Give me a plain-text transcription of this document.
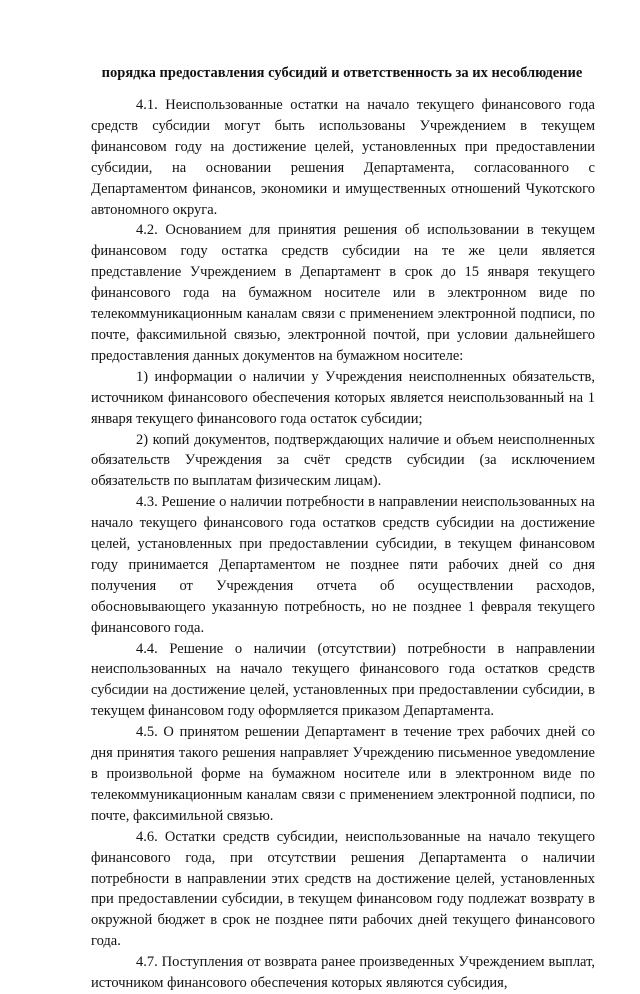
порядка предоставления субсидий и ответственность за их несоблюдение

4.1. Неиспользованные остатки на начало текущего финансового года средств субсидии могут быть использованы Учреждением в текущем финансовом году на достижение целей, установленных при предоставлении субсидии, на основании решения Департамента, согласованного с Департаментом финансов, экономики и имущественных отношений Чукотского автономного округа.

4.2. Основанием для принятия решения об использовании в текущем финансовом году остатка средств субсидии на те же цели является представление Учреждением в Департамент в срок до 15 января текущего финансового года на бумажном носителе или в электронном виде по телекоммуникационным каналам связи с применением электронной подписи, по почте, факсимильной связью, электронной почтой, при условии дальнейшего предоставления данных документов на бумажном носителе:

1) информации о наличии у Учреждения неисполненных обязательств, источником финансового обеспечения которых является неиспользованный на 1 января текущего финансового года остаток субсидии;

2) копий документов, подтверждающих наличие и объем неисполненных обязательств Учреждения за счёт средств субсидии (за исключением обязательств по выплатам физическим лицам).

4.3. Решение о наличии потребности в направлении неиспользованных на начало текущего финансового года остатков средств субсидии на достижение целей, установленных при предоставлении субсидии, в текущем финансовом году принимается Департаментом не позднее пяти рабочих дней со дня получения от Учреждения отчета об осуществлении расходов, обосновывающего указанную потребность, но не позднее 1 февраля текущего финансового года.

4.4. Решение о наличии (отсутствии) потребности в направлении неиспользованных на начало текущего финансового года остатков средств субсидии на достижение целей, установленных при предоставлении субсидии, в текущем финансовом году оформляется приказом Департамента.

4.5. О принятом решении Департамент в течение трех рабочих дней со дня принятия такого решения направляет Учреждению письменное уведомление в произвольной форме на бумажном носителе или в электронном виде по телекоммуникационным каналам связи с применением электронной подписи, по почте, факсимильной связью.

4.6. Остатки средств субсидии, неиспользованные на начало текущего финансового года, при отсутствии решения Департамента о наличии потребности в направлении этих средств на достижение целей, установленных при предоставлении субсидии, в текущем финансовом году подлежат возврату в окружной бюджет в срок не позднее пяти рабочих дней текущего финансового года.

4.7. Поступления от возврата ранее произведенных Учреждением выплат, источником финансового обеспечения которых являются субсидия,
